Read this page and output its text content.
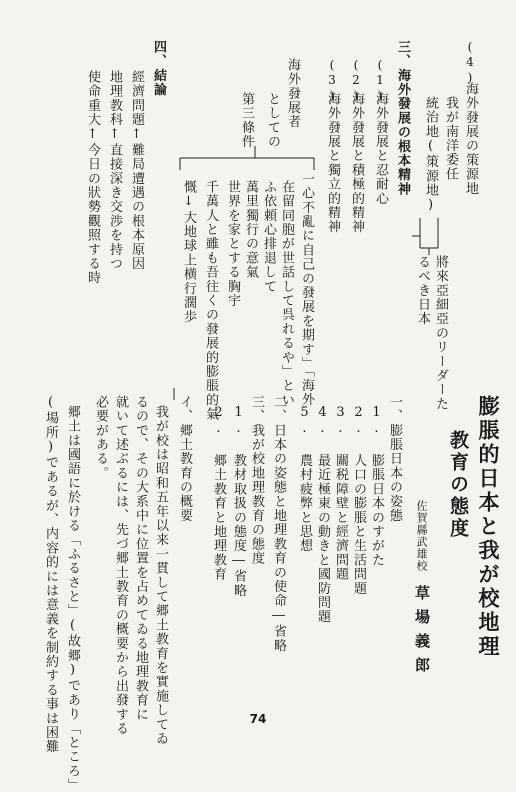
膨脹的日本と我が校地理
教育の態度
佐賀縣武雄校
草場義郎
一、膨脹日本の姿態
1. 膨脹日本のすがた
2. 人口の膨脹と生活問題
3. 關税障壁と經濟問題
4. 最近極東の動きと國防問題
5. 農村疲弊と思想
二、日本の姿態と地理教育の使命―省略
三、我が校地理教育の態度
1. 教材取扱の態度―省略
2. 郷土教育と地理教育
イ、郷土教育の概要
我が校は昭和五年以来一貫して郷土教育を實施してゐ
るので、その大系中に位置を占めてゐる地理教育に
就いて述ぶるには、先づ郷土教育の概要から出發する
必要がある。
郷土は國語に於ける「ふるさと」(故郷)であり「ところ」
(場所)であるが、内容的には意義を制約する事は困難
(4)
海外發展の策源地
我が南洋委任
統治地(策源地)
將來亞細亞のリーダーた
るべき日本
三、海外發展の根本精神
(1)
海外發展と忍耐心
(2)
海外發展と積極的精神
(3)
海外發展と獨立的精神
海外發展者
としての
第三條件
一心不亂に自己の發展を期す」「海外
在留同胞が世話して呉れるや」とい
ふ依頼心排退して
萬里獨行の意氣
世界を家とする胸宇
千萬人と雖も吾往くの發展的膨脹的氣
慨↓大地球上横行濶歩
四、結論
經濟問題↑難局遭遇の根本原因
地理教科↑直接深き交渉を持つ
使命重大↑今日の狀勢觀照する時
74
